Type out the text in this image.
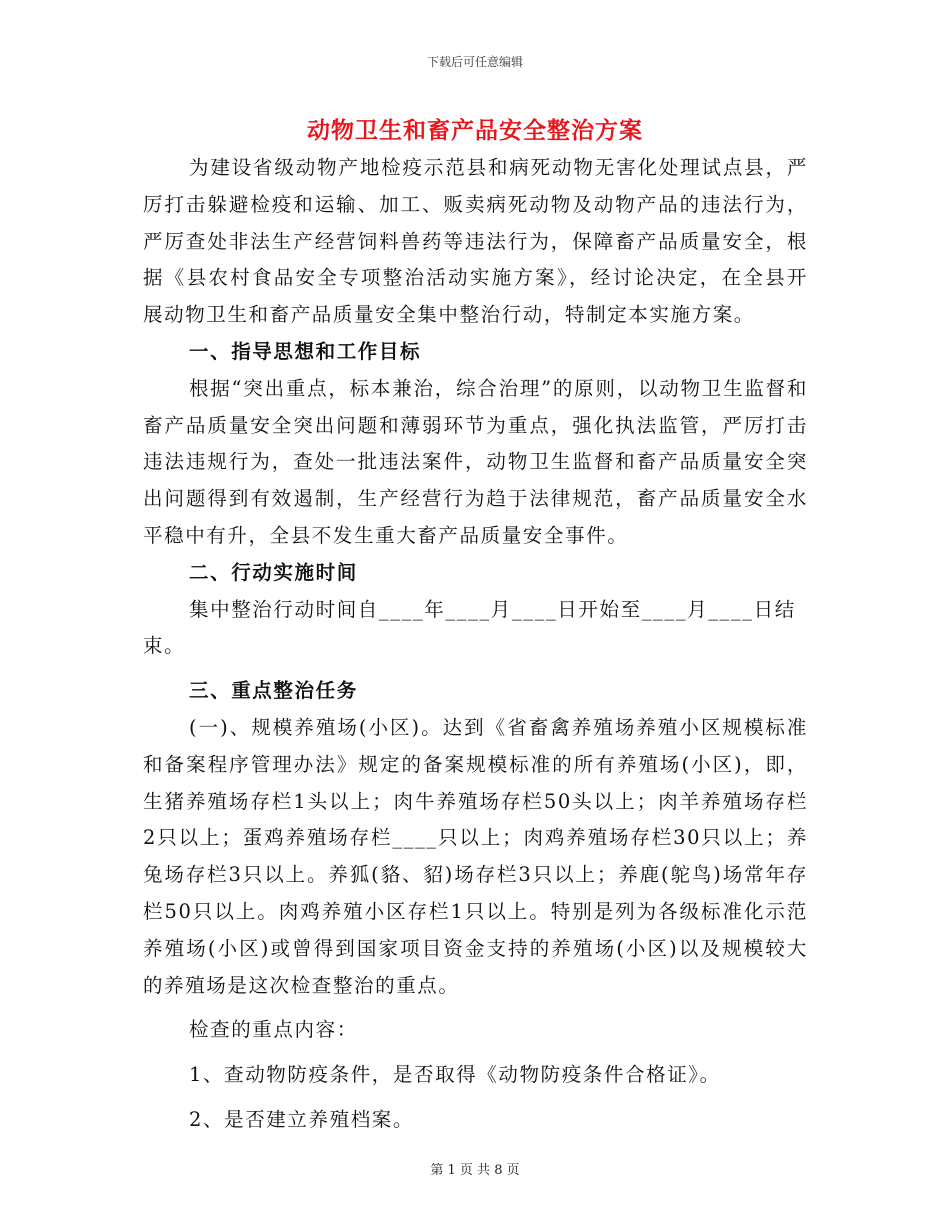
下载后可任意编辑
动物卫生和畜产品安全整治方案

为建设省级动物产地检疫示范县和病死动物无害化处理试点县，严厉打击躲避检疫和运输、加工、贩卖病死动物及动物产品的违法行为，严厉查处非法生产经营饲料兽药等违法行为，保障畜产品质量安全，根据《县农村食品安全专项整治活动实施方案》，经讨论决定，在全县开展动物卫生和畜产品质量安全集中整治行动，特制定本实施方案。

一、指导思想和工作目标

根据“突出重点，标本兼治，综合治理”的原则，以动物卫生监督和畜产品质量安全突出问题和薄弱环节为重点，强化执法监管，严厉打击违法违规行为，查处一批违法案件，动物卫生监督和畜产品质量安全突出问题得到有效遏制，生产经营行为趋于法律规范，畜产品质量安全水平稳中有升，全县不发生重大畜产品质量安全事件。

二、行动实施时间

集中整治行动时间自____年____月____日开始至____月____日结束。

三、重点整治任务

(一)、规模养殖场(小区)。达到《省畜禽养殖场养殖小区规模标准和备案程序管理办法》规定的备案规模标准的所有养殖场(小区)，即，生猪养殖场存栏1头以上；肉牛养殖场存栏50头以上；肉羊养殖场存栏2只以上；蛋鸡养殖场存栏____只以上；肉鸡养殖场存栏30只以上；养兔场存栏3只以上。养狐(貉、貂)场存栏3只以上；养鹿(鸵鸟)场常年存栏50只以上。肉鸡养殖小区存栏1只以上。特别是列为各级标准化示范养殖场(小区)或曾得到国家项目资金支持的养殖场(小区)以及规模较大的养殖场是这次检查整治的重点。

检查的重点内容：

1、查动物防疫条件，是否取得《动物防疫条件合格证》。

2、是否建立养殖档案。

第 1 页 共 8 页
